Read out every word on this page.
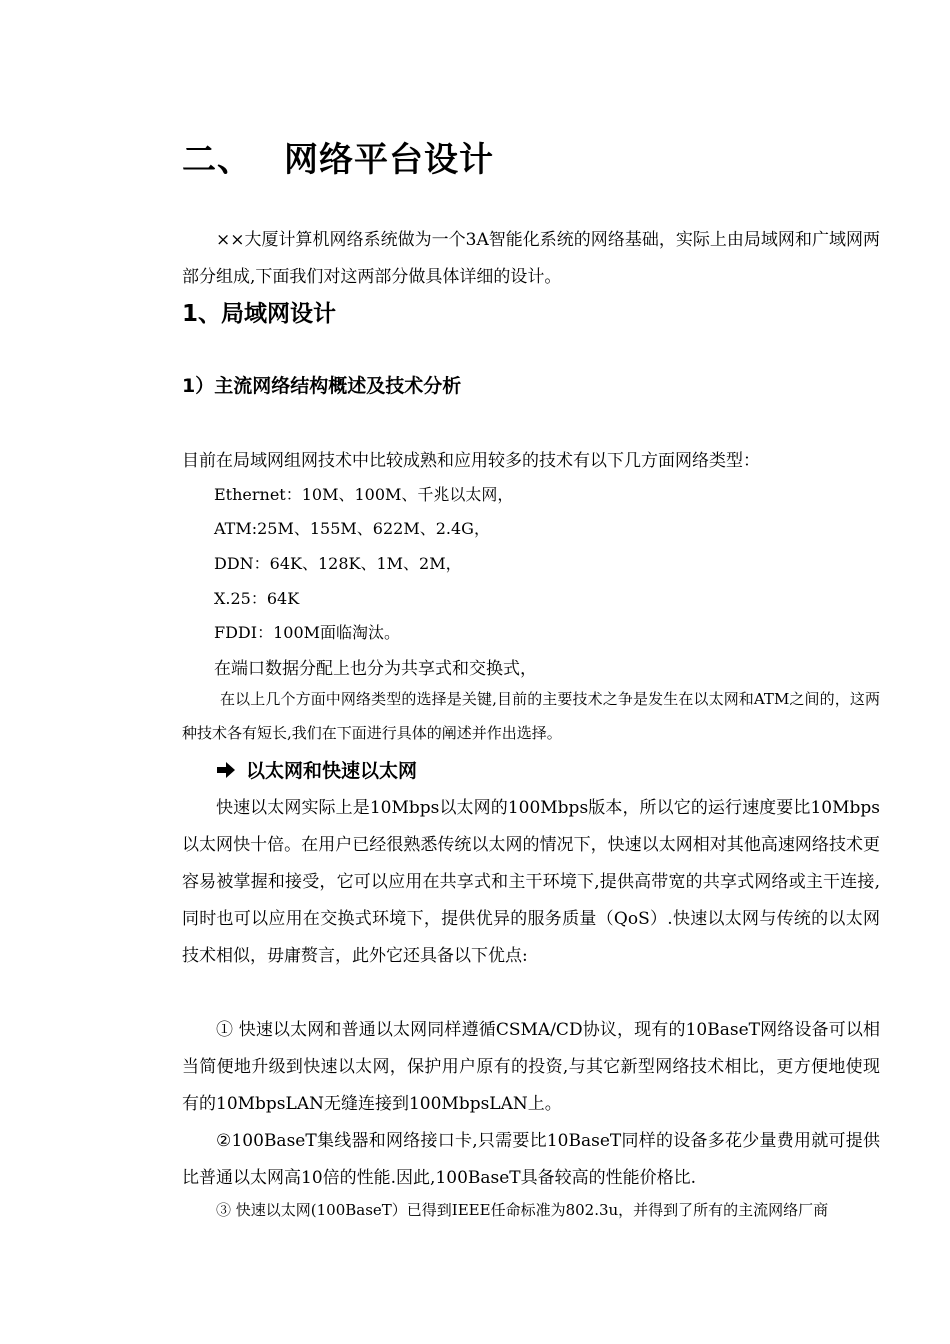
二、 网络平台设计
××大厦计算机网络系统做为一个3A智能化系统的网络基础，实际上由局域网和广域网两部分组成,下面我们对这两部分做具体详细的设计。
1、局域网设计
1）主流网络结构概述及技术分析
目前在局域网组网技术中比较成熟和应用较多的技术有以下几方面网络类型：
Ethernet：10M、100M、千兆以太网，
ATM:25M、155M、622M、2.4G，
DDN：64K、128K、1M、2M，
X.25：64K
FDDI：100M面临淘汰。
在端口数据分配上也分为共享式和交换式，
在以上几个方面中网络类型的选择是关键,目前的主要技术之争是发生在以太网和ATM之间的，这两种技术各有短长,我们在下面进行具体的阐述并作出选择。
以太网和快速以太网
快速以太网实际上是10Mbps以太网的100Mbps版本，所以它的运行速度要比10Mbps以太网快十倍。在用户已经很熟悉传统以太网的情况下，快速以太网相对其他高速网络技术更容易被掌握和接受，它可以应用在共享式和主干环境下,提供高带宽的共享式网络或主干连接,同时也可以应用在交换式环境下，提供优异的服务质量（QoS）.快速以太网与传统的以太网技术相似，毋庸赘言，此外它还具备以下优点:
① 快速以太网和普通以太网同样遵循CSMA/CD协议，现有的10BaseT网络设备可以相当简便地升级到快速以太网，保护用户原有的投资,与其它新型网络技术相比，更方便地使现有的10MbpsLAN无缝连接到100MbpsLAN上。
②100BaseT集线器和网络接口卡,只需要比10BaseT同样的设备多花少量费用就可提供比普通以太网高10倍的性能.因此,100BaseT具备较高的性能价格比.
③ 快速以太网(100BaseT）已得到IEEE任命标准为802.3u，并得到了所有的主流网络厂商
